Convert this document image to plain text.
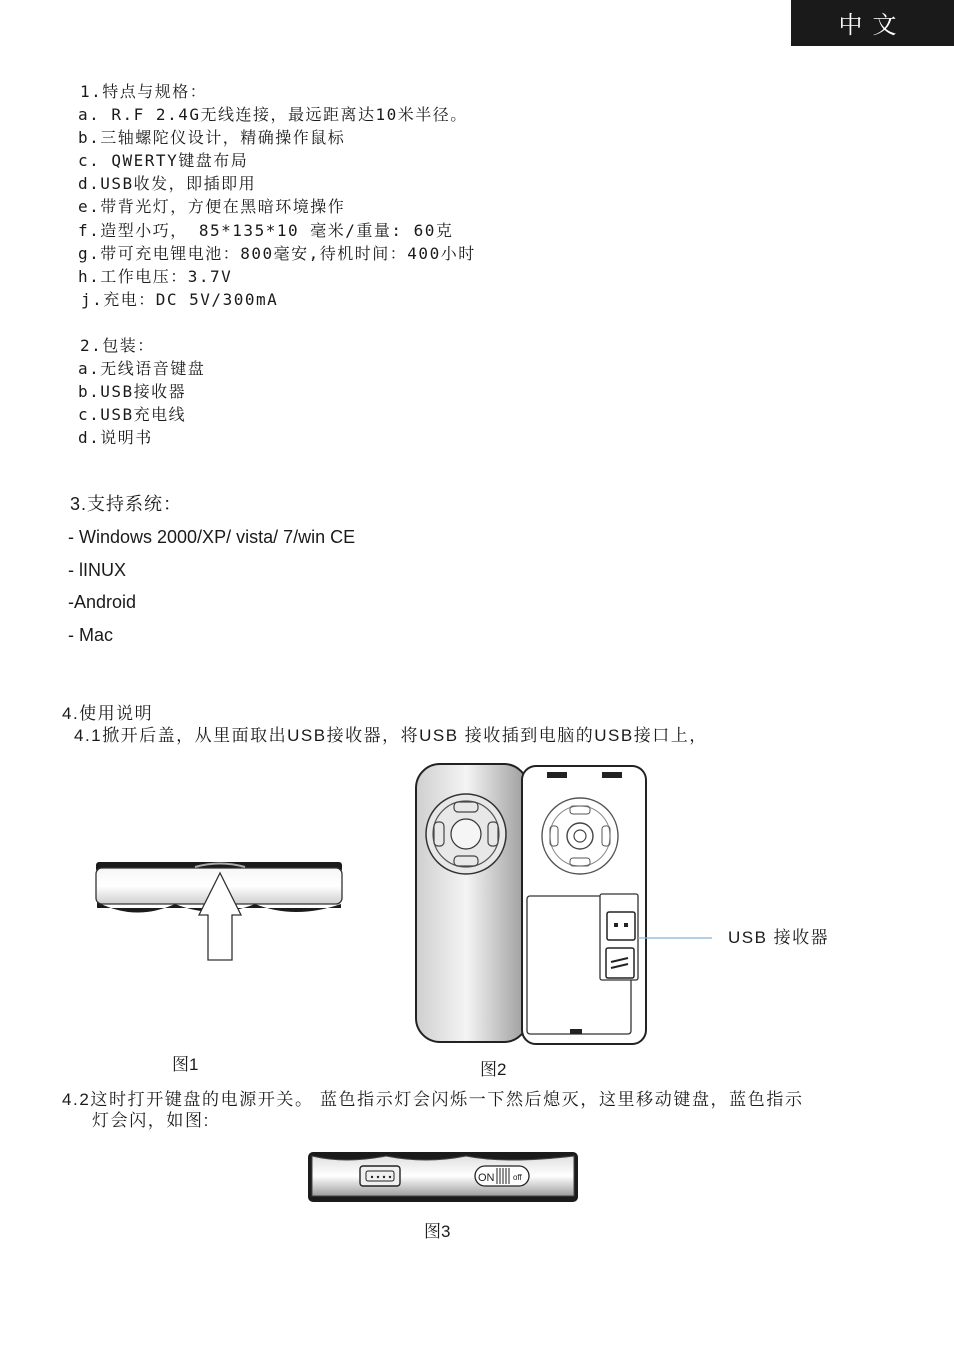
中文
1.特点与规格：
a. R.F 2.4G无线连接，最远距离达10米半径。
b.三轴螺陀仪设计，精确操作鼠标
c. QWERTY键盘布局
d.USB收发，即插即用
e.带背光灯，方便在黑暗环境操作
f.造型小巧， 85*135*10 毫米/重量: 60克
g.带可充电锂电池：800毫安,待机时间：400小时
h.工作电压：3.7V
j.充电：DC 5V/300mA
2.包装：
a.无线语音键盘
b.USB接收器
c.USB充电线
d.说明书
3.支持系统：
- Windows 2000/XP/ vista/ 7/win CE
- lINUX
-Android
- Mac
4.使用说明
4.1掀开后盖，从里面取出USB接收器，将USB 接收插到电脑的USB接口上，
图1
USB 接收器
图2
4.2这时打开键盘的电源开关。 蓝色指示灯会闪烁一下然后熄灭，这里移动键盘，蓝色指示
灯会闪，如图:
ON off
图3
